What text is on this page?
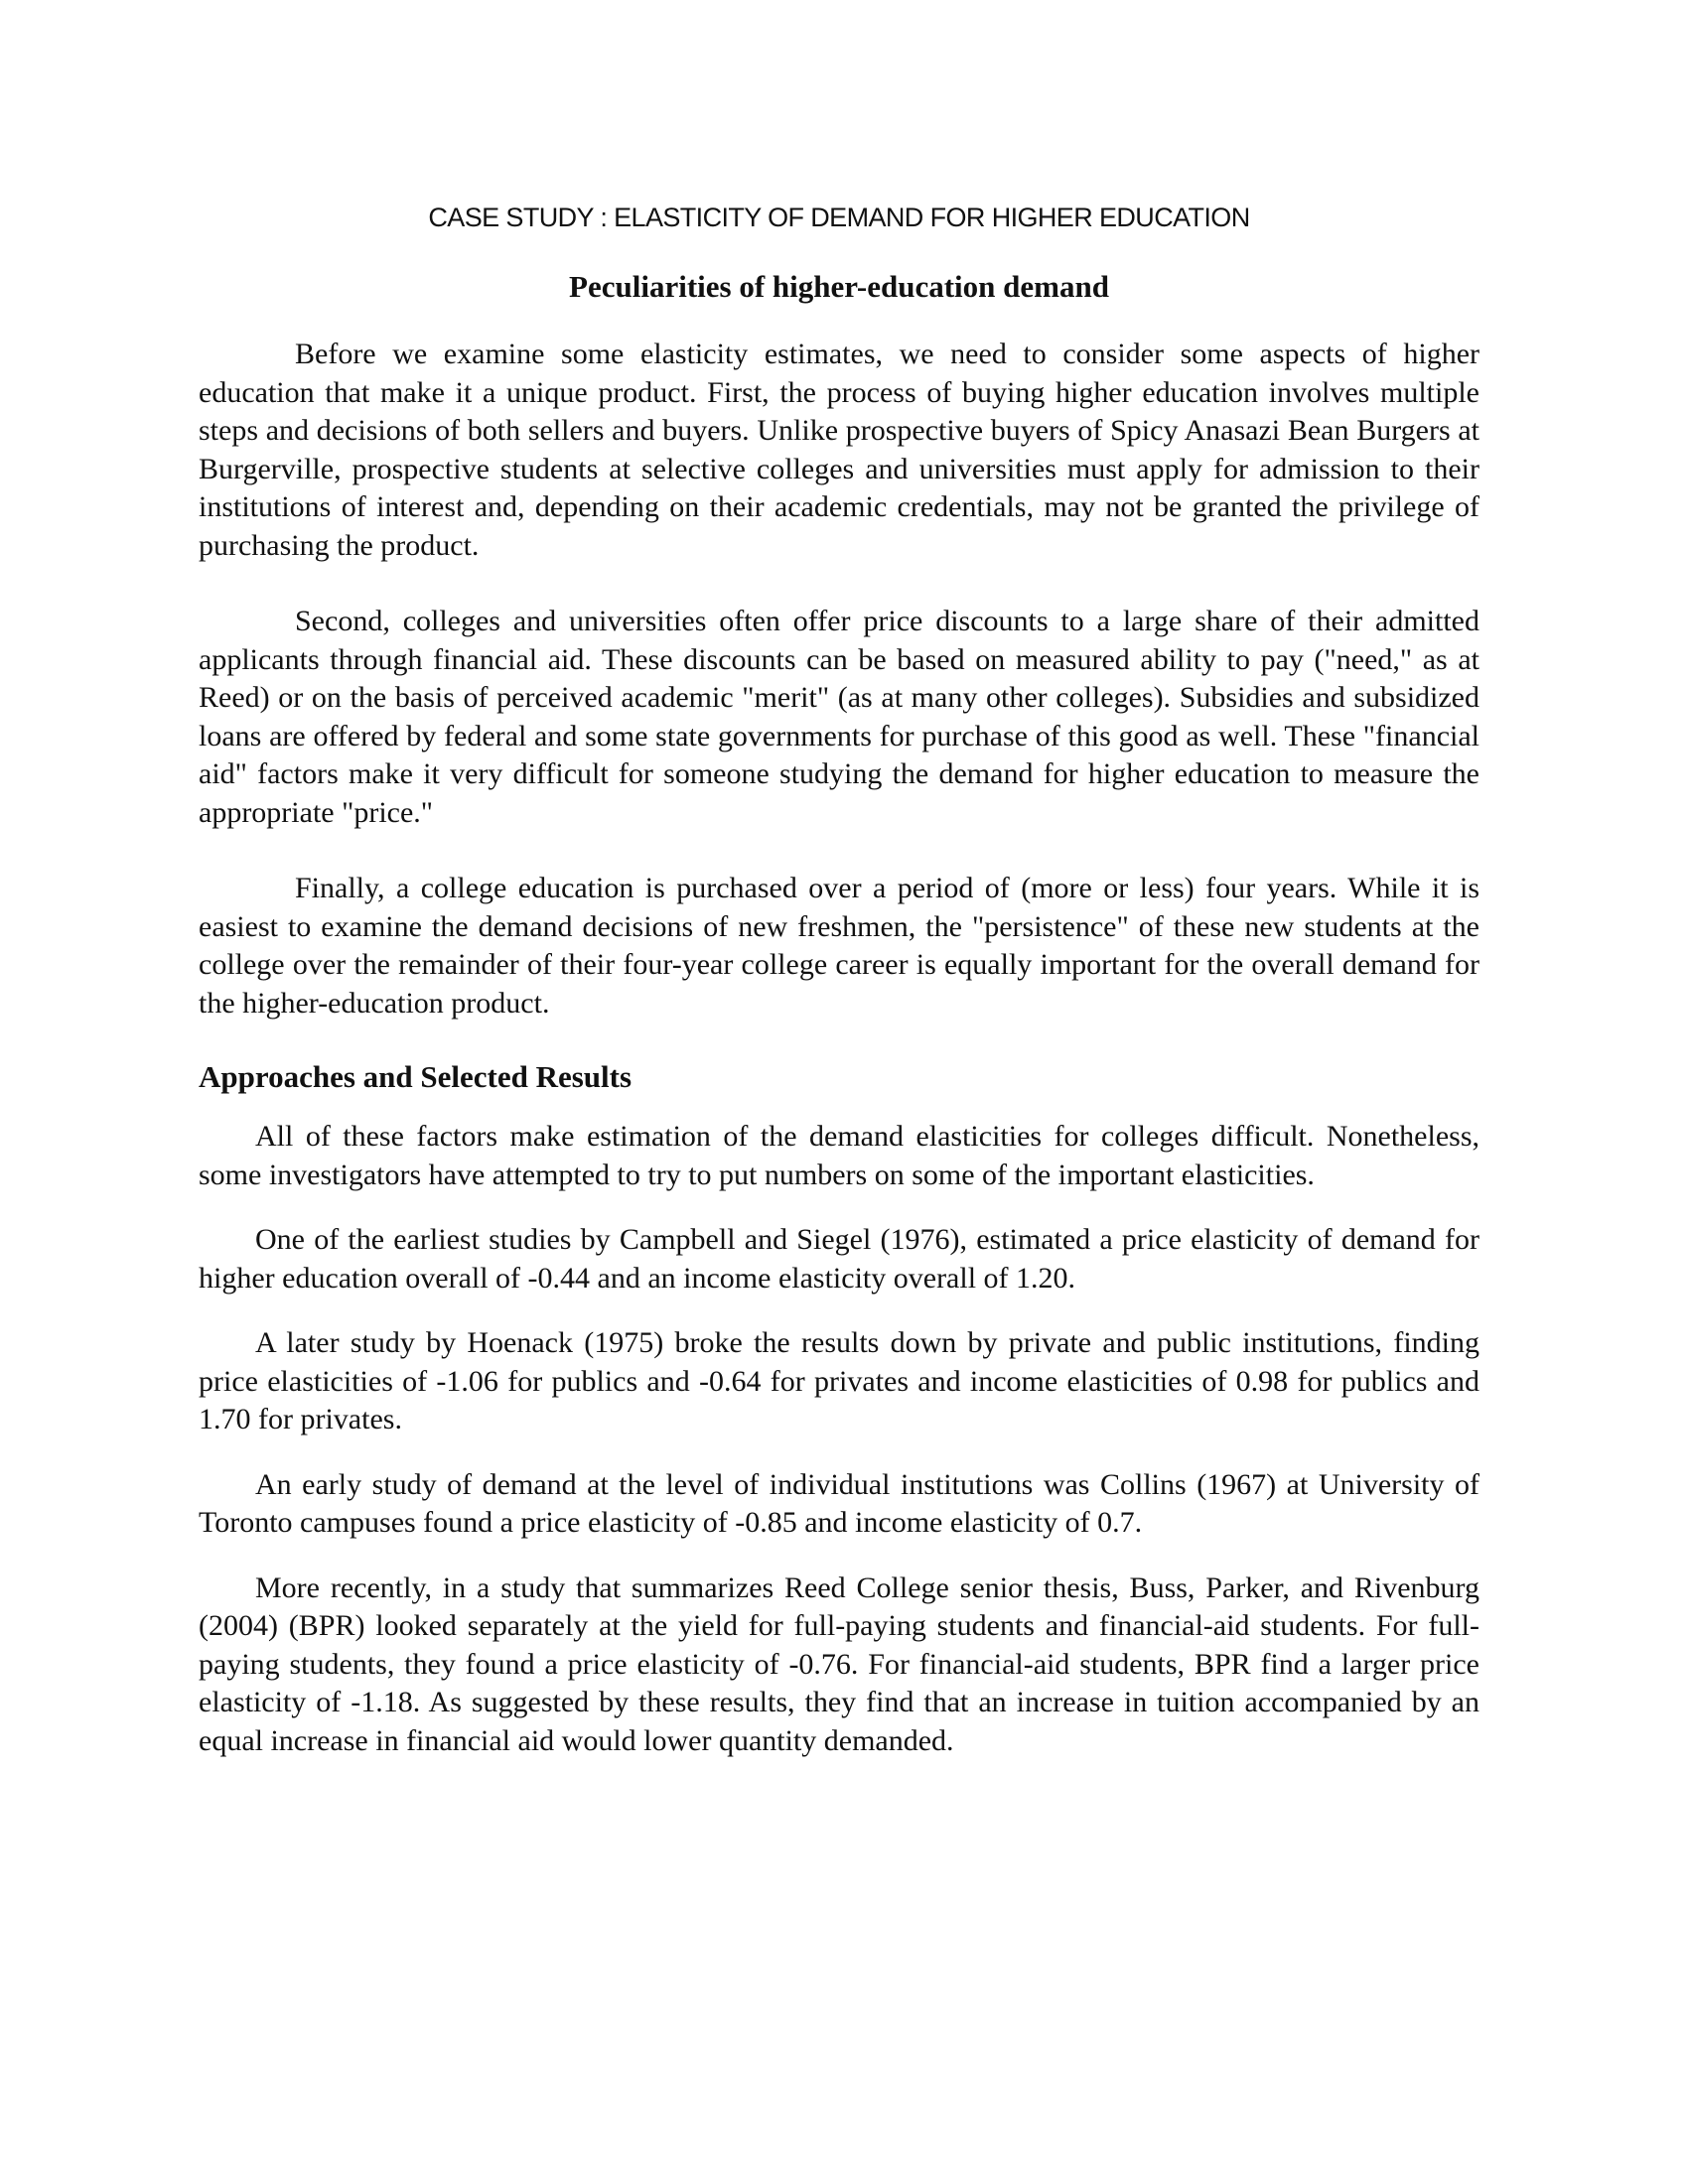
CASE STUDY : ELASTICITY OF DEMAND FOR HIGHER EDUCATION
Peculiarities of higher-education demand

Before we examine some elasticity estimates, we need to consider some aspects of higher education that make it a unique product. First, the process of buying higher education involves multiple steps and decisions of both sellers and buyers. Unlike prospective buyers of Spicy Anasazi Bean Burgers at Burgerville, prospective students at selective colleges and universities must apply for admission to their institutions of interest and, depending on their academic credentials, may not be granted the privilege of purchasing the product.

Second, colleges and universities often offer price discounts to a large share of their admitted applicants through financial aid. These discounts can be based on measured ability to pay ("need," as at Reed) or on the basis of perceived academic "merit" (as at many other colleges). Subsidies and subsidized loans are offered by federal and some state governments for purchase of this good as well. These "financial aid" factors make it very difficult for someone studying the demand for higher education to measure the appropriate "price."

Finally, a college education is purchased over a period of (more or less) four years. While it is easiest to examine the demand decisions of new freshmen, the "persistence" of these new students at the college over the remainder of their four-year college career is equally important for the overall demand for the higher-education product.

Approaches and Selected Results

All of these factors make estimation of the demand elasticities for colleges difficult. Nonetheless, some investigators have attempted to try to put numbers on some of the important elasticities.

One of the earliest studies by Campbell and Siegel (1976), estimated a price elasticity of demand for higher education overall of -0.44 and an income elasticity overall of 1.20.

A later study by Hoenack (1975) broke the results down by private and public institutions, finding price elasticities of -1.06 for publics and -0.64 for privates and income elasticities of 0.98 for publics and 1.70 for privates.

An early study of demand at the level of individual institutions was Collins (1967) at University of Toronto campuses found a price elasticity of -0.85 and income elasticity of 0.7.

More recently, in a study that summarizes Reed College senior thesis, Buss, Parker, and Rivenburg (2004) (BPR) looked separately at the yield for full-paying students and financial-aid students. For full-paying students, they found a price elasticity of -0.76. For financial-aid students, BPR find a larger price elasticity of -1.18. As suggested by these results, they find that an increase in tuition accompanied by an equal increase in financial aid would lower quantity demanded.
